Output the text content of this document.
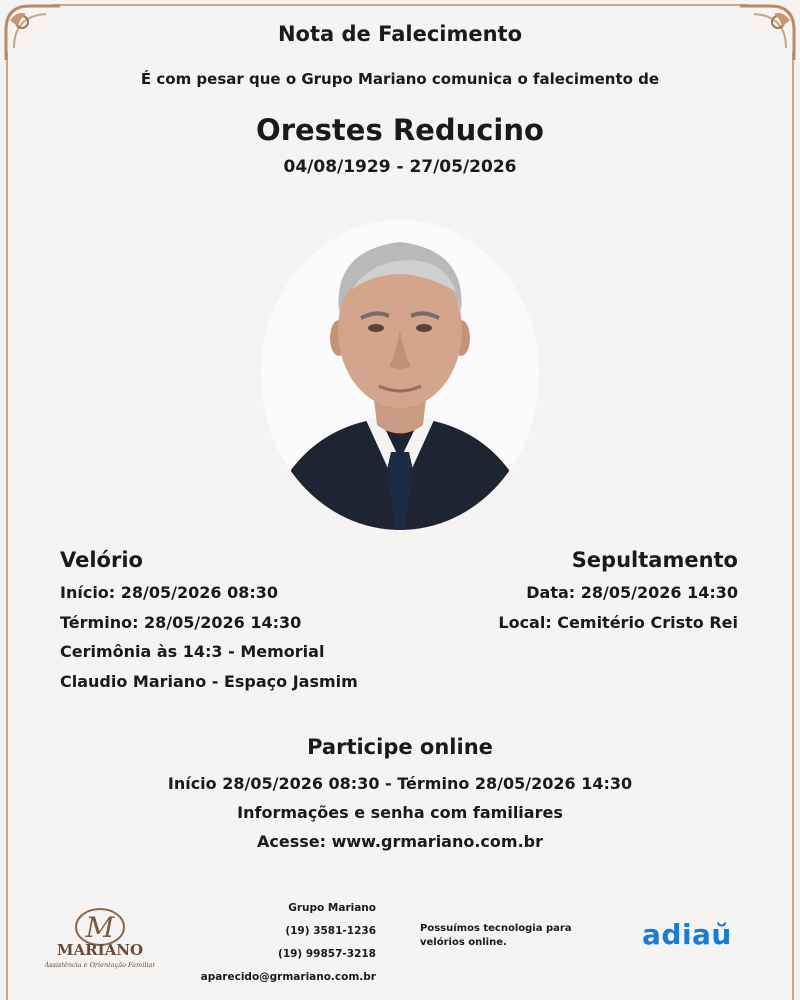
Nota de Falecimento
É com pesar que o Grupo Mariano comunica o falecimento de
Orestes Reducino
04/08/1929 - 27/05/2026
Velório
Início: 28/05/2026 08:30
Término: 28/05/2026 14:30
Cerimônia às 14:3 - Memorial
Claudio Mariano - Espaço Jasmim
Sepultamento
Data: 28/05/2026 14:30
Local: Cemitério Cristo Rei
Participe online
Início 28/05/2026 08:30 - Término 28/05/2026 14:30
Informações e senha com familiares
Acesse: www.grmariano.com.br
M
MARIANO
Assistência e Orientação Familiar
Grupo Mariano
(19) 3581-1236
(19) 99857-3218
aparecido@grmariano.com.br
Possuímos tecnologia para velórios online.	adiaŭ
